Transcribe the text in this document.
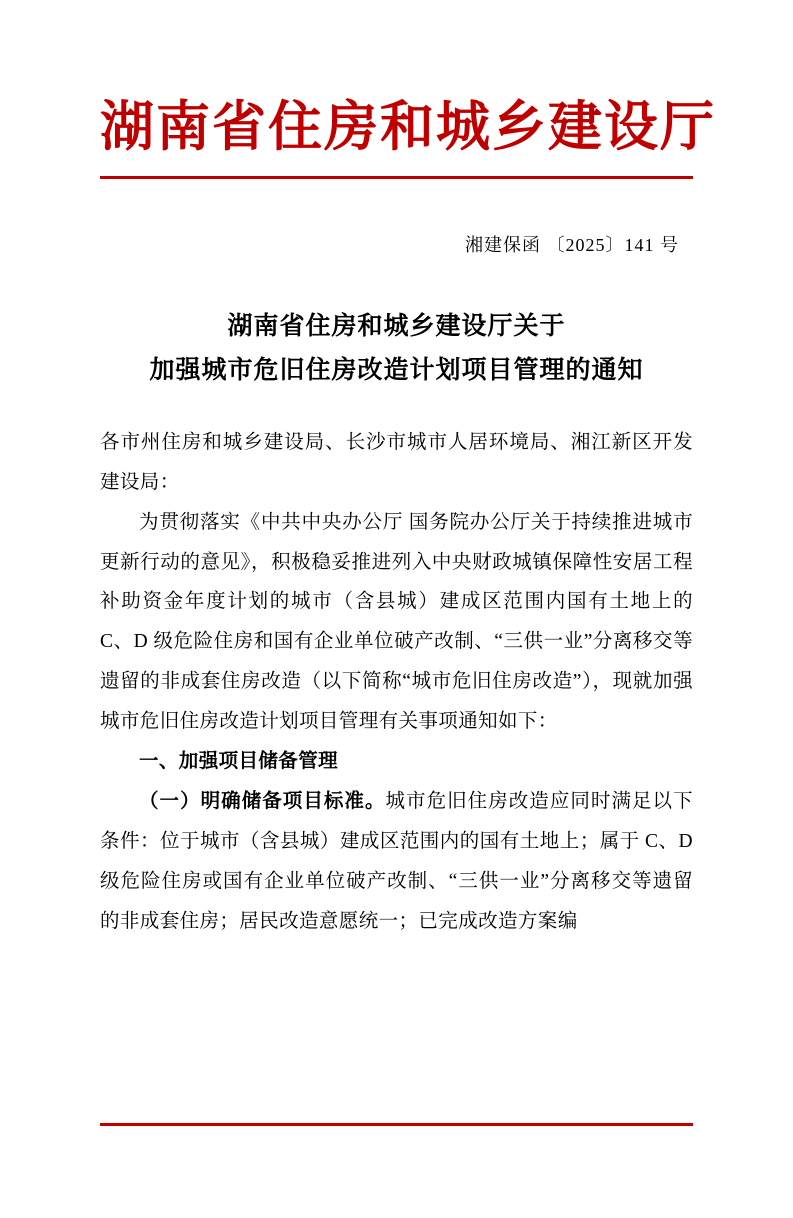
湖南省住房和城乡建设厅
湘建保函 〔2025〕141 号
湖南省住房和城乡建设厅关于
加强城市危旧住房改造计划项目管理的通知

各市州住房和城乡建设局、长沙市城市人居环境局、湘江新区开发建设局：

为贯彻落实《中共中央办公厅 国务院办公厅关于持续推进城市更新行动的意见》，积极稳妥推进列入中央财政城镇保障性安居工程补助资金年度计划的城市（含县城）建成区范围内国有土地上的 C、D 级危险住房和国有企业单位破产改制、“三供一业”分离移交等遗留的非成套住房改造（以下简称“城市危旧住房改造”），现就加强城市危旧住房改造计划项目管理有关事项通知如下：

一、加强项目储备管理

（一）明确储备项目标准。城市危旧住房改造应同时满足以下条件：位于城市（含县城）建成区范围内的国有土地上；属于 C、D 级危险住房或国有企业单位破产改制、“三供一业”分离移交等遗留的非成套住房；居民改造意愿统一；已完成改造方案编
